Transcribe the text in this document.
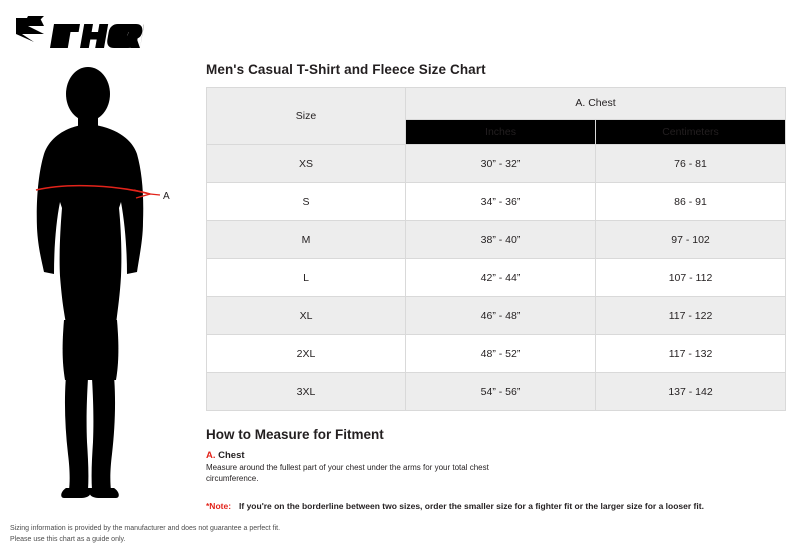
A
Men's Casual T-Shirt and Fleece Size Chart
Size	A. Chest	
	Inches	Centimeters
XS	30” - 32”	76 - 81
S	34” - 36”	86 - 91
M	38” - 40”	97 - 102
L	42” - 44”	107 - 112
XL	46” - 48”	117 - 122
2XL	48” - 52”	117 - 132
3XL	54” - 56”	137 - 142
How to Measure for Fitment
A. Chest
Measure around the fullest part of your chest under the arms for your total chest circumference.
*Note: If you're on the borderline between two sizes, order the smaller size for a fighter fit or the larger size for a looser fit.
Sizing information is provided by the manufacturer and does not guarantee a perfect fit.
Please use this chart as a guide only.
